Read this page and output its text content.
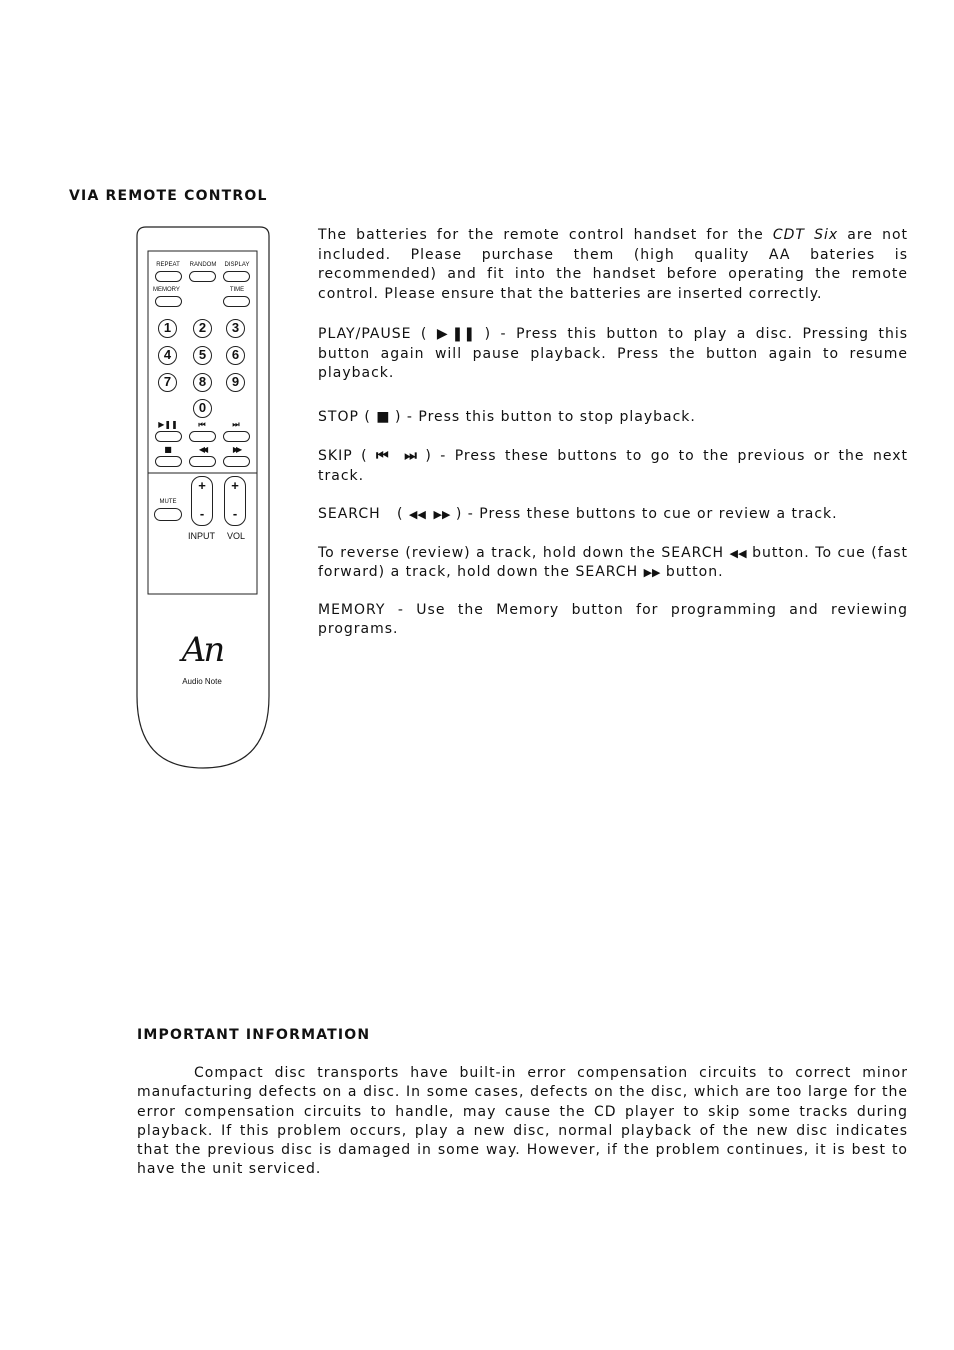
VIA REMOTE CONTROL
REPEAT	RANDOM	DISPLAY
MEMORY	TIME
1	2	3
4	5	6
7	8	9
0
▶❚❚	⏮	⏭
■	◀◀	▶▶
MUTE
+
-
+
-
INPUT VOL
An
Audio Note

The batteries for the remote control handset for the CDT Six are not included. Please purchase them (high quality AA bateries is recommended) and fit into the handset before operating the remote control. Please ensure that the batteries are inserted correctly.

PLAY/PAUSE ( ▶❚❚ ) - Press this button to play a disc. Pressing this button again will pause playback. Press the button again to resume playback.

STOP ( ■ ) - Press this button to stop playback.

SKIP ( ⏮  ⏭ ) - Press these buttons to go to the previous or the next track.

SEARCH   ( ◀◀  ▶▶ ) - Press these buttons to cue or review a track.

To reverse (review) a track, hold down the SEARCH ◀◀ button. To cue (fast forward) a track, hold down the SEARCH ▶▶ button.

MEMORY - Use the Memory button for programming and reviewing programs.

IMPORTANT INFORMATION

Compact disc transports have built-in error compensation circuits to correct minor manufacturing defects on a disc. In some cases, defects on the disc, which are too large for the error compensation circuits to handle, may cause the CD player to skip some tracks during playback. If this problem occurs, play a new disc, normal playback of the new disc indicates that the previous disc is damaged in some way. However, if the problem continues, it is best to have the unit serviced.
